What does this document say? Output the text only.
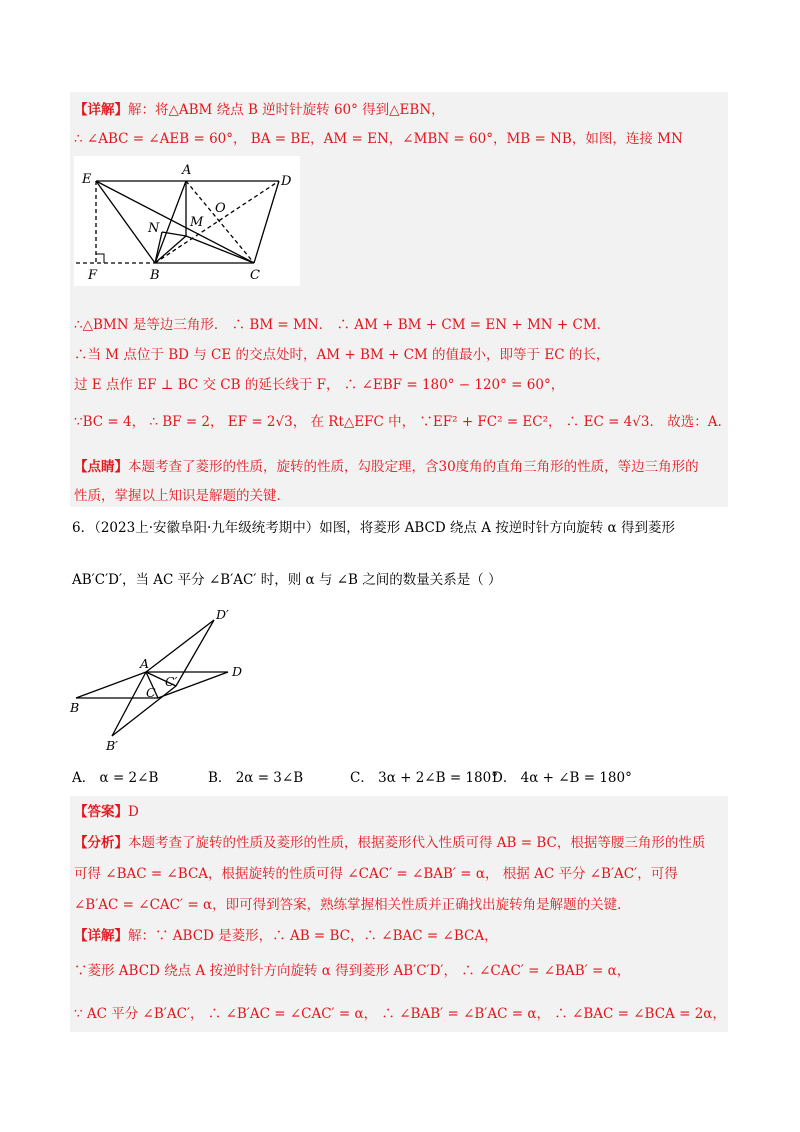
【详解】解：将△ABM 绕点 B 逆时针旋转 60° 得到△EBN，
∴ ∠ABC = ∠AEB = 60°， BA = BE，AM = EN，∠MBN = 60°，MB = NB，如图，连接 MN
E
A
D
N M
O
F	B	C
∴△BMN 是等边三角形． ∴ BM = MN． ∴ AM + BM + CM = EN + MN + CM．
∴当 M 点位于 BD 与 CE 的交点处时，AM + BM + CM 的值最小，即等于 EC 的长，
过 E 点作 EF ⊥ BC 交 CB 的延长线于 F， ∴ ∠EBF = 180° − 120° = 60°，
∵BC = 4， ∴ BF = 2， EF = 2√3， 在 Rt△EFC 中， ∵EF² + FC² = EC²， ∴ EC = 4√3． 故选：A.
【点睛】本题考查了菱形的性质，旋转的性质，勾股定理，含30度角的直角三角形的性质，等边三角形的
性质，掌握以上知识是解题的关键．
6．（2023上·安徽阜阳·九年级统考期中）如图，将菱形 ABCD 绕点 A 按逆时针方向旋转 α 得到菱形
AB′C′D′，当 AC 平分 ∠B′AC′ 时，则 α 与 ∠B 之间的数量关系是（ ）
D′
A
D
C′
C
B
B′
A． α = 2∠B	B． 2α = 3∠B	C． 3α + 2∠B = 180°
D． 4α + ∠B = 180°
【答案】D
【分析】本题考查了旋转的性质及菱形的性质，根据菱形代入性质可得 AB = BC，根据等腰三角形的性质
可得 ∠BAC = ∠BCA，根据旋转的性质可得 ∠CAC′ = ∠BAB′ = α， 根据 AC 平分 ∠B′AC′，可得
∠B′AC = ∠CAC′ = α，即可得到答案，熟练掌握相关性质并正确找出旋转角是解题的关键．
【详解】解：∵ ABCD 是菱形，∴ AB = BC，∴ ∠BAC = ∠BCA，
∵菱形 ABCD 绕点 A 按逆时针方向旋转 α 得到菱形 AB′C′D′， ∴ ∠CAC′ = ∠BAB′ = α，
∵ AC 平分 ∠B′AC′， ∴ ∠B′AC = ∠CAC′ = α， ∴ ∠BAB′ = ∠B′AC = α， ∴ ∠BAC = ∠BCA = 2α，
